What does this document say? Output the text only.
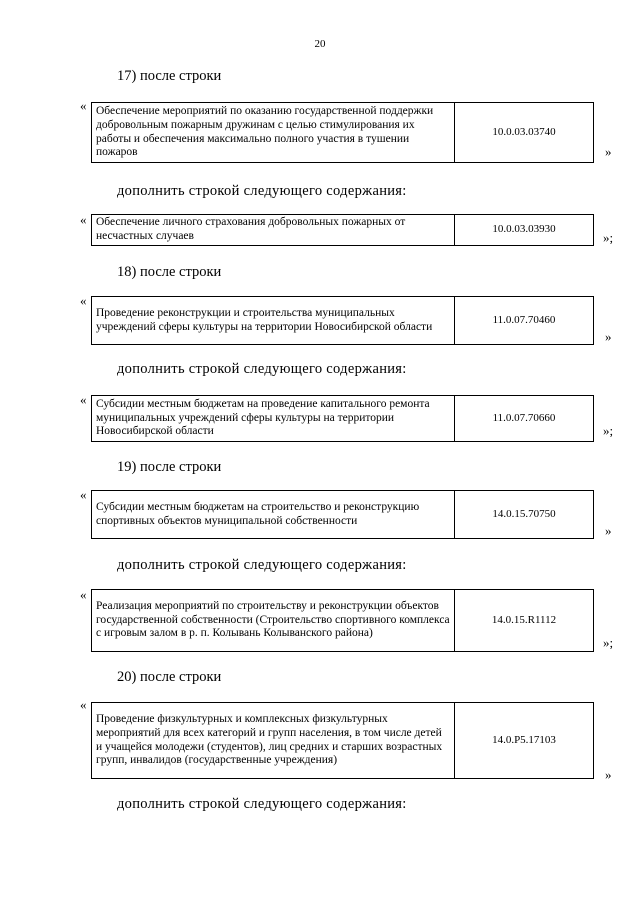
20
17) после строки
« Обеспечение мероприятий по оказанию государственной поддержки добровольным пожарным дружинам с целью стимулирования их работы и обеспечения максимально полного участия в тушении пожаров	10.0.03.03740
»
дополнить строкой следующего содержания:
« Обеспечение личного страхования добровольных пожарных от несчастных случаев	10.0.03.03930
»;
18) после строки
«
Проведение реконструкции и строительства муниципальных учреждений сферы культуры на территории Новосибирской области	11.0.07.70460
»
дополнить строкой следующего содержания:
« Субсидии местным бюджетам на проведение капитального ремонта муниципальных учреждений сферы культуры на территории Новосибирской области	11.0.07.70660
»;
19) после строки
«
Субсидии местным бюджетам на строительство и реконструкцию спортивных объектов муниципальной собственности	14.0.15.70750
»
дополнить строкой следующего содержания:
«
Реализация мероприятий по строительству и реконструкции объектов государственной собственности (Строительство спортивного комплекса с игровым залом в р. п. Колывань Колыванского района)	14.0.15.R1112
»;
20) после строки
«
Проведение физкультурных и комплексных физкультурных мероприятий для всех категорий и групп населения, в том числе детей и учащейся молодежи (студентов), лиц средних и старших возрастных групп, инвалидов (государственные учреждения)	14.0.Р5.17103
»
дополнить строкой следующего содержания:
